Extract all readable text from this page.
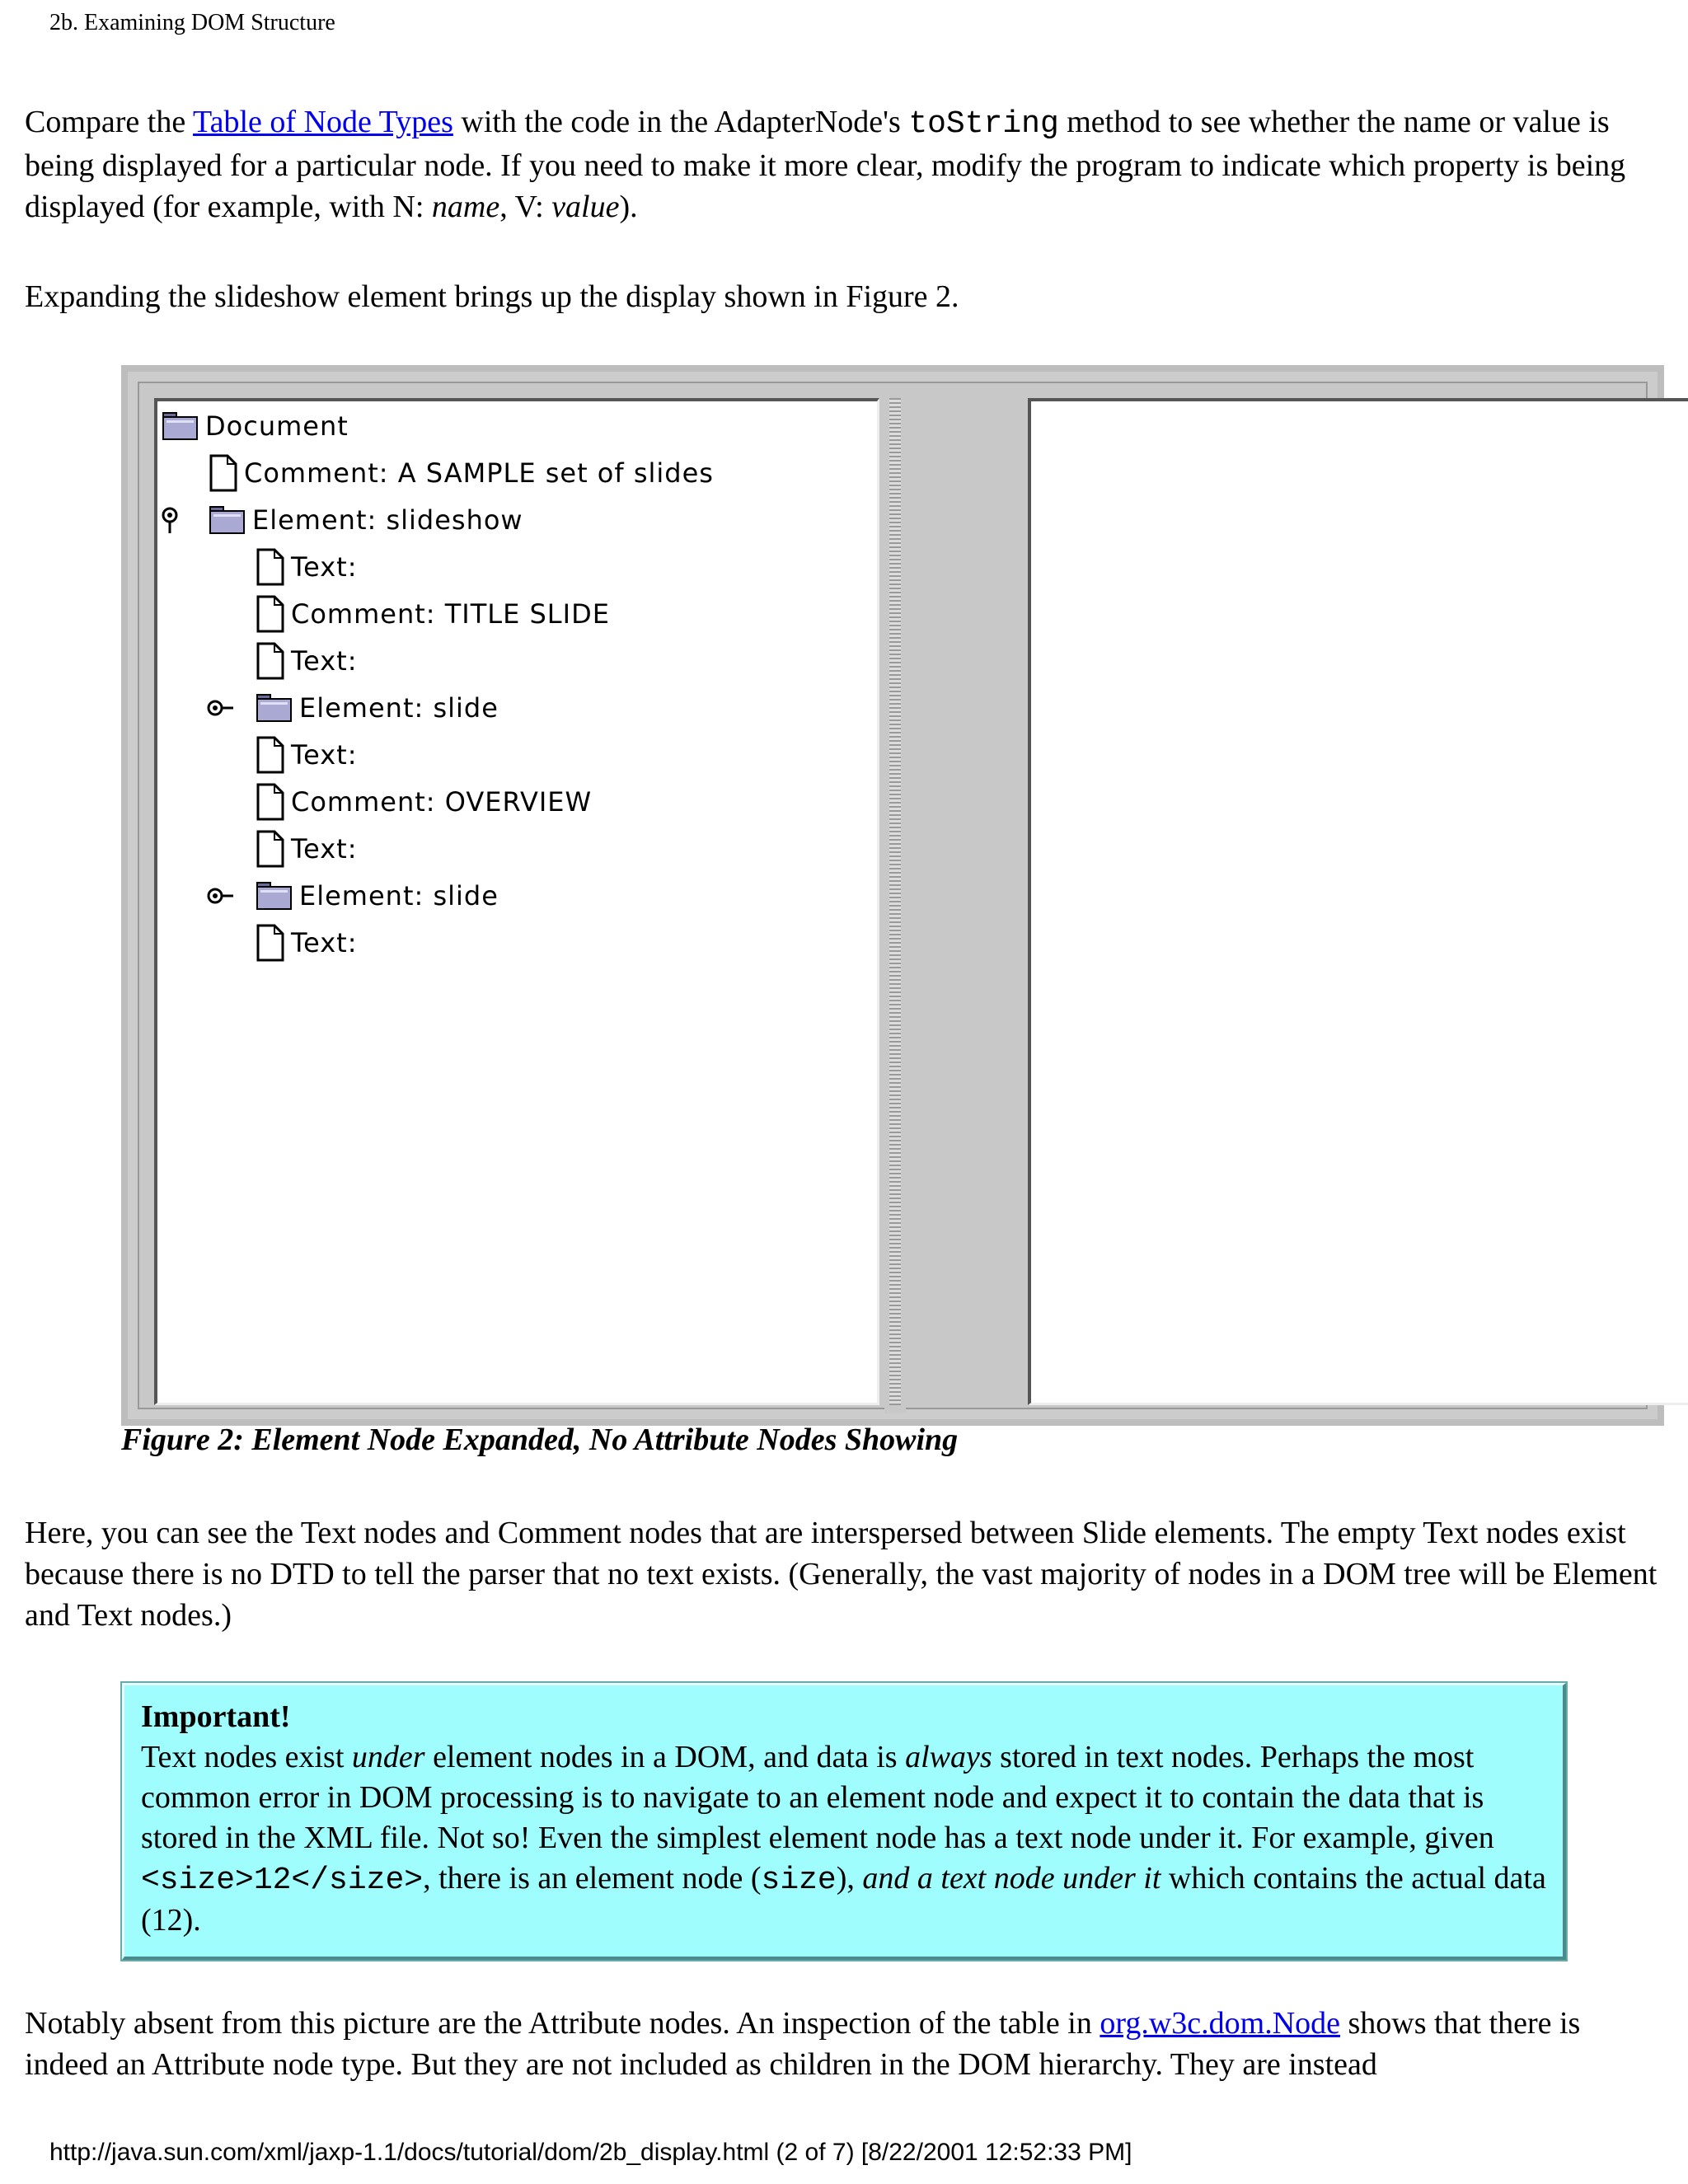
2b. Examining DOM Structure

Compare the Table of Node Types with the code in the AdapterNode's toString method to see whether the name or value is being displayed for a particular node. If you need to make it more clear, modify the program to indicate which property is being displayed (for example, with N: name, V: value).

Expanding the slideshow element brings up the display shown in Figure 2.

Document
Comment: A SAMPLE set of slides
Element: slideshow
Text:
Comment: TITLE SLIDE
Text:
Element: slide
Text:
Comment: OVERVIEW
Text:
Element: slide
Text:
Figure 2: Element Node Expanded, No Attribute Nodes Showing

Here, you can see the Text nodes and Comment nodes that are interspersed between Slide elements. The empty Text nodes exist because there is no DTD to tell the parser that no text exists. (Generally, the vast majority of nodes in a DOM tree will be Element and Text nodes.)

Important!
Text nodes exist under element nodes in a DOM, and data is always stored in text nodes. Perhaps the most common error in DOM processing is to navigate to an element node and expect it to contain the data that is stored in the XML file. Not so! Even the simplest element node has a text node under it. For example, given <size>12</size>, there is an element node (size), and a text node under it which contains the actual data (12).

Notably absent from this picture are the Attribute nodes. An inspection of the table in org.w3c.dom.Node shows that there is indeed an Attribute node type. But they are not included as children in the DOM hierarchy. They are instead

http://java.sun.com/xml/jaxp-1.1/docs/tutorial/dom/2b_display.html (2 of 7) [8/22/2001 12:52:33 PM]
